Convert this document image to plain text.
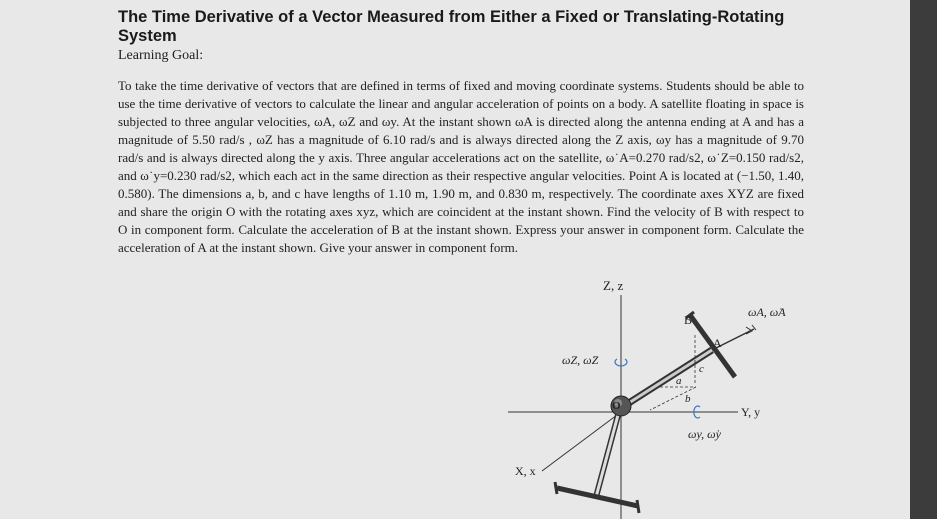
The Time Derivative of a Vector Measured from Either a Fixed or Translating-Rotating System

Learning Goal:

To take the time derivative of vectors that are defined in terms of fixed and moving coordinate systems. Students should be able to use the time derivative of vectors to calculate the linear and angular acceleration of points on a body. A satellite floating in space is subjected to three angular velocities, ωA, ωZ and ωy. At the instant shown ωA is directed along the antenna ending at A and has a magnitude of 5.50 rad/s , ωZ has a magnitude of 6.10 rad/s and is always directed along the Z axis, ωy has a magnitude of 9.70 rad/s and is always directed along the y axis. Three angular accelerations act on the satellite, ω˙A=0.270 rad/s2, ω˙Z=0.150 rad/s2, and ω˙y=0.230 rad/s2, which each act in the same direction as their respective angular velocities. Point A is located at (−1.50, 1.40, 0.580). The dimensions a, b, and c have lengths of 1.10 m, 1.90 m, and 0.830 m, respectively. The coordinate axes XYZ are fixed and share the origin O with the rotating axes xyz, which are coincident at the instant shown. Find the velocity of B with respect to O in component form. Calculate the acceleration of B at the instant shown. Express your answer in component form. Calculate the acceleration of A at the instant shown. Give your answer in component form.

Z, z
Y, y
X, x
O
A
B
a
b
c
ωZ, ω̇Z
ωA, ω̇A
ωy, ω̇y
